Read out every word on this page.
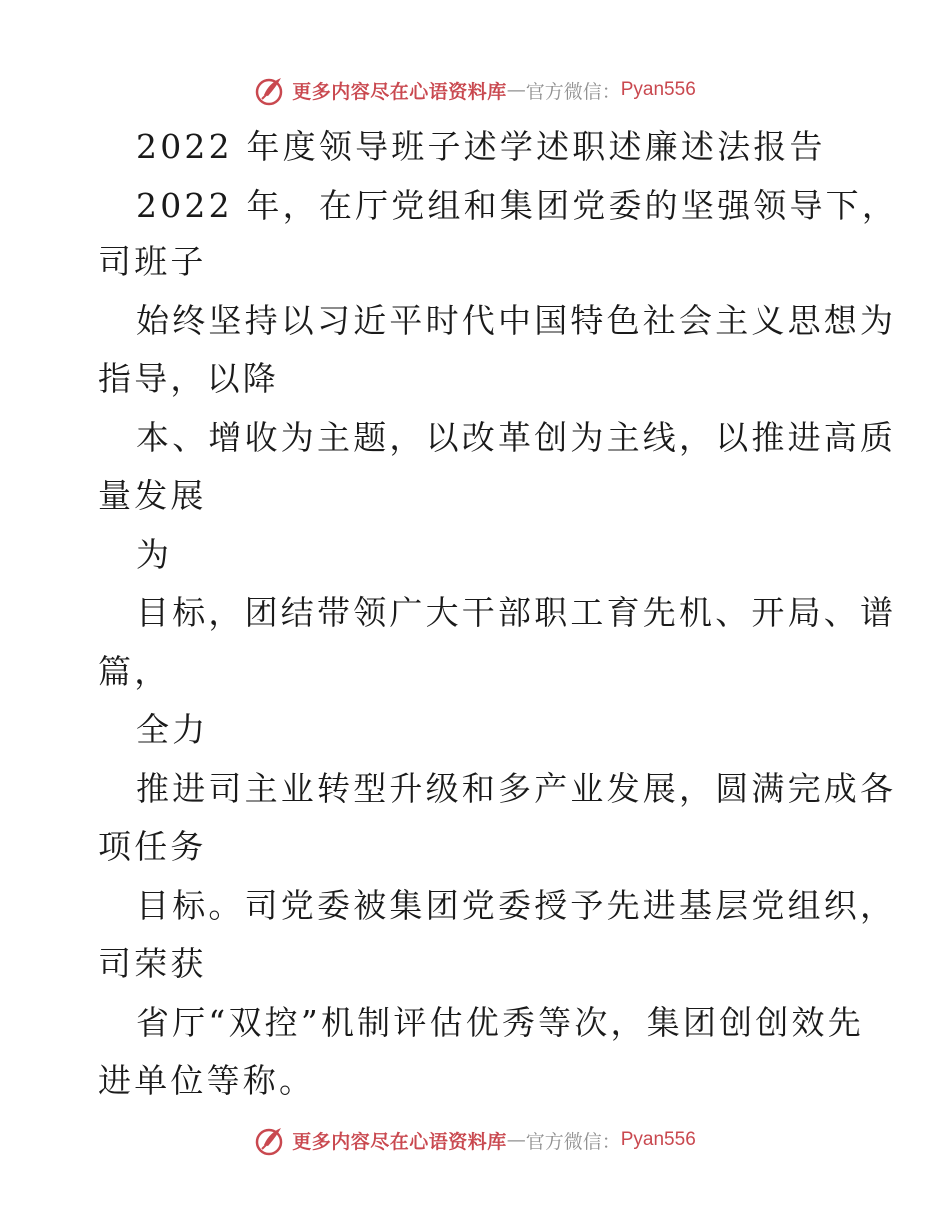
更多内容尽在心语资料库 — 官方微信： Pyan556
2022 年度领导班子述学述职述廉述法报告
2022 年，在厅党组和集团党委的坚强领导下，
司班子
始终坚持以习近平时代中国特色社会主义思想为
指导，以降
本、增收为主题，以改革创为主线，以推进高质
量发展
为
目标，团结带领广大干部职工育先机、开局、谱
篇，
全力
推进司主业转型升级和多产业发展，圆满完成各
项任务
目标。司党委被集团党委授予先进基层党组织，
司荣获
省厅“双控”机制评估优秀等次，集团创创效先
进单位等称。
更多内容尽在心语资料库 — 官方微信： Pyan556
